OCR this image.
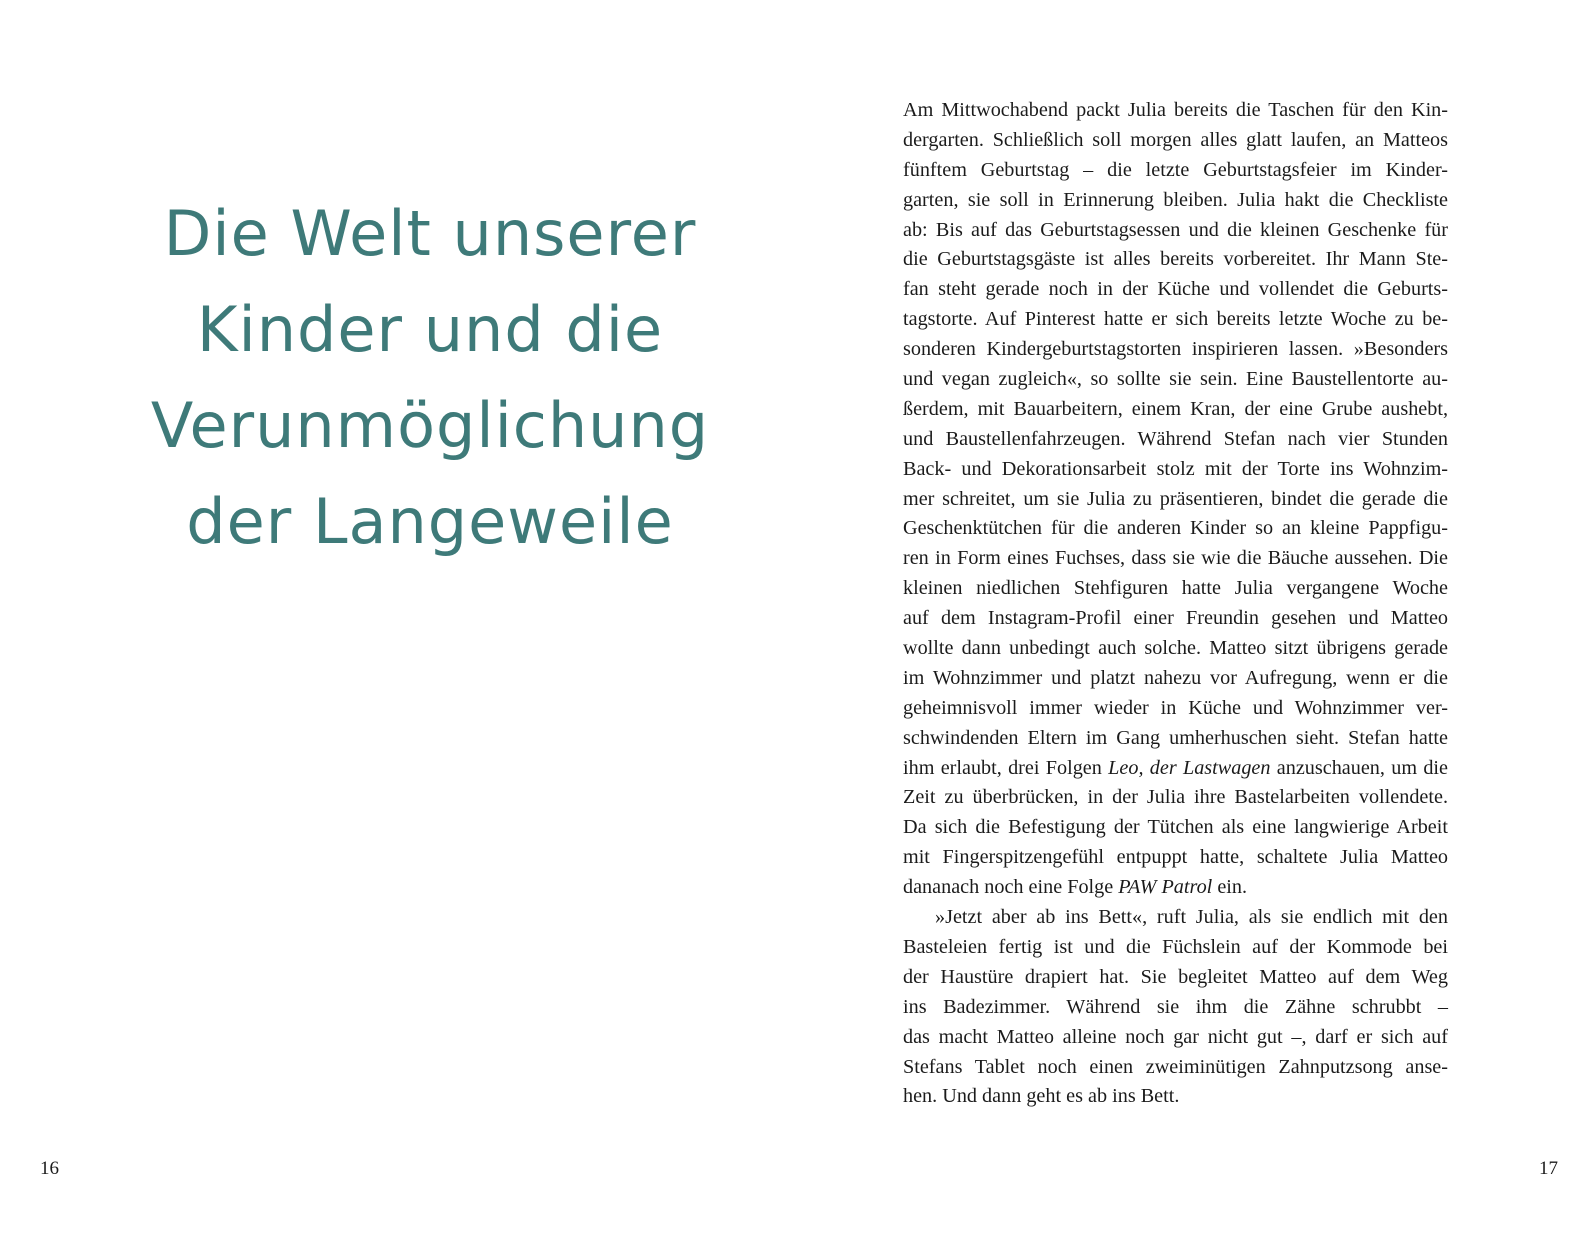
Die Welt unserer
Kinder und die
Verunmöglichung
der Langeweile
16
Am Mittwochabend packt Julia bereits die Taschen für den Kin-
dergarten. Schließlich soll morgen alles glatt laufen, an Matteos
fünftem Geburtstag – die letzte Geburtstagsfeier im Kinder-
garten, sie soll in Erinnerung bleiben. Julia hakt die Checkliste
ab: Bis auf das Geburtstagsessen und die kleinen Geschenke für
die Geburtstagsgäste ist alles bereits vorbereitet. Ihr Mann Ste-
fan steht gerade noch in der Küche und vollendet die Geburts-
tagstorte. Auf Pinterest hatte er sich bereits letzte Woche zu be-
sonderen Kindergeburtstagstorten inspirieren lassen. »Besonders
und vegan zugleich«, so sollte sie sein. Eine Baustellentorte au-
ßerdem, mit Bauarbeitern, einem Kran, der eine Grube aushebt,
und Baustellenfahrzeugen. Während Stefan nach vier Stunden
Back- und Dekorationsarbeit stolz mit der Torte ins Wohnzim-
mer schreitet, um sie Julia zu präsentieren, bindet die gerade die
Geschenktütchen für die anderen Kinder so an kleine Pappfigu-
ren in Form eines Fuchses, dass sie wie die Bäuche aussehen. Die
kleinen niedlichen Stehfiguren hatte Julia vergangene Woche
auf dem Instagram-Profil einer Freundin gesehen und Matteo
wollte dann unbedingt auch solche. Matteo sitzt übrigens gerade
im Wohnzimmer und platzt nahezu vor Aufregung, wenn er die
geheimnisvoll immer wieder in Küche und Wohnzimmer ver-
schwindenden Eltern im Gang umherhuschen sieht. Stefan hatte
ihm erlaubt, drei Folgen Leo, der Lastwagen anzuschauen, um die
Zeit zu überbrücken, in der Julia ihre Bastelarbeiten vollendete.
Da sich die Befestigung der Tütchen als eine langwierige Arbeit
mit Fingerspitzengefühl entpuppt hatte, schaltete Julia Matteo
dananach noch eine Folge PAW Patrol ein.
»Jetzt aber ab ins Bett«, ruft Julia, als sie endlich mit den
Basteleien fertig ist und die Füchslein auf der Kommode bei
der Haustüre drapiert hat. Sie begleitet Matteo auf dem Weg
ins Badezimmer. Während sie ihm die Zähne schrubbt –
das macht Matteo alleine noch gar nicht gut –, darf er sich auf
Stefans Tablet noch einen zweiminütigen Zahnputzsong anse-
hen. Und dann geht es ab ins Bett.
17
